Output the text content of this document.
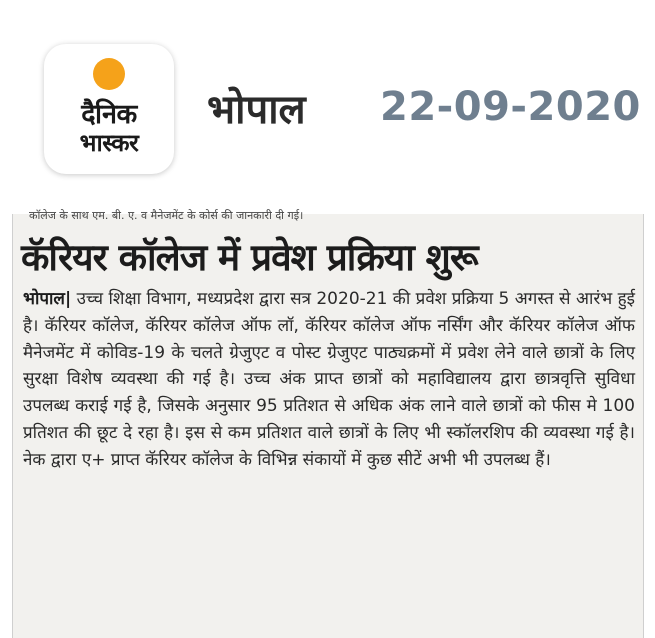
दैनिक
भास्कर
भोपाल 22-09-2020
कॉलेज के साथ एम. बी. ए. व मैनेजमेंट के कोर्स की जानकारी दी गई।
कॅरियर कॉलेज में प्रवेश प्रक्रिया शुरू
भोपाल| उच्च शिक्षा विभाग, मध्यप्रदेश द्वारा सत्र 2020-21 की प्रवेश प्रक्रिया 5 अगस्त से आरंभ हुई है। कॅरियर कॉलेज, कॅरियर कॉलेज ऑफ लॉ, कॅरियर कॉलेज ऑफ नर्सिंग और कॅरियर कॉलेज ऑफ मैनेजमेंट में कोविड-19 के चलते ग्रेजुएट व पोस्ट ग्रेजुएट पाठ्यक्रमों में प्रवेश लेने वाले छात्रों के लिए सुरक्षा विशेष व्यवस्था की गई है। उच्च अंक प्राप्त छात्रों को महाविद्यालय द्वारा छात्रवृत्ति सुविधा उपलब्ध कराई गई है, जिसके अनुसार 95 प्रतिशत से अधिक अंक लाने वाले छात्रों को फीस मे 100 प्रतिशत की छूट दे रहा है। इस से कम प्रतिशत वाले छात्रों के लिए भी स्कॉलरशिप की व्यवस्था गई है। नेक द्वारा ए+ प्राप्त कॅरियर कॉलेज के विभिन्न संकायों में कुछ सीटें अभी भी उपलब्ध हैं।
